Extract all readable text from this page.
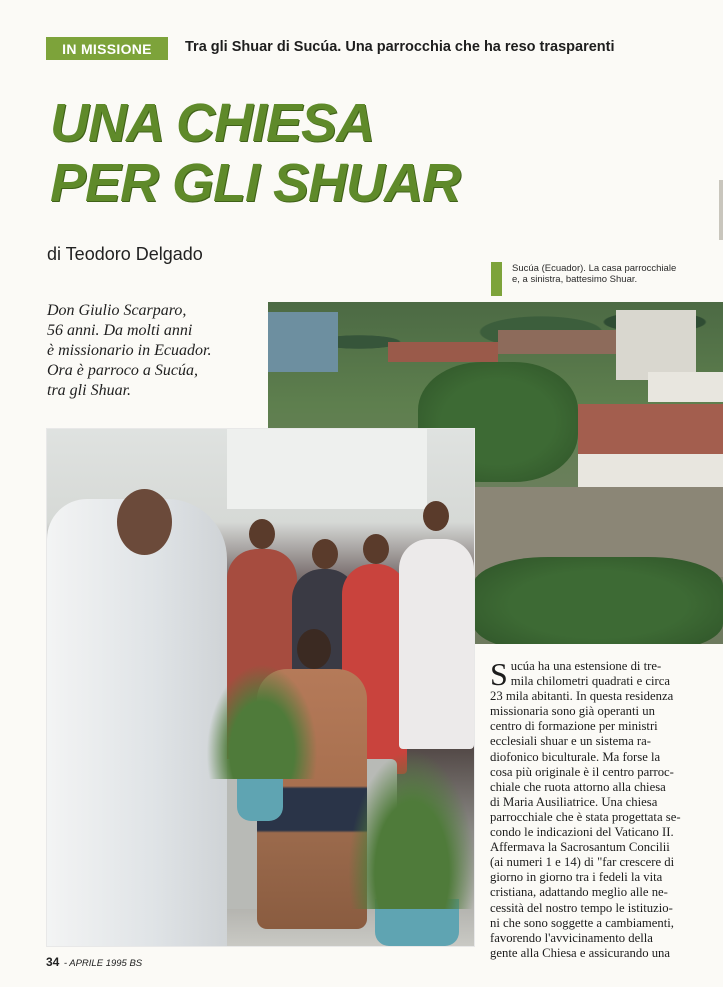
IN MISSIONE	Tra gli Shuar di Sucúa. Una parrocchia che ha reso trasparenti
UNA CHIESA
PER GLI SHUAR
di Teodoro Delgado
Sucúa (Ecuador). La casa parrocchiale e, a sinistra, battesimo Shuar.
Don Giulio Scarparo,
56 anni. Da molti anni
è missionario in Ecuador.
Ora è parroco a Sucúa,
tra gli Shuar.
S ucúa ha una estensione di tre-
mila chilometri quadrati e circa
23 mila abitanti. In questa residenza
missionaria sono già operanti un
centro di formazione per ministri
ecclesiali shuar e un sistema ra-
diofonico biculturale. Ma forse la
cosa più originale è il centro parroc-
chiale che ruota attorno alla chiesa
di Maria Ausiliatrice. Una chiesa
parrocchiale che è stata progettata se-
condo le indicazioni del Vaticano II.
Affermava la Sacrosantum Concilii
(ai numeri 1 e 14) di "far crescere di
giorno in giorno tra i fedeli la vita
cristiana, adattando meglio alle ne-
cessità del nostro tempo le istituzio-
ni che sono soggette a cambiamenti,
favorendo l'avvicinamento della
gente alla Chiesa e assicurando una
34 - APRILE 1995 BS
